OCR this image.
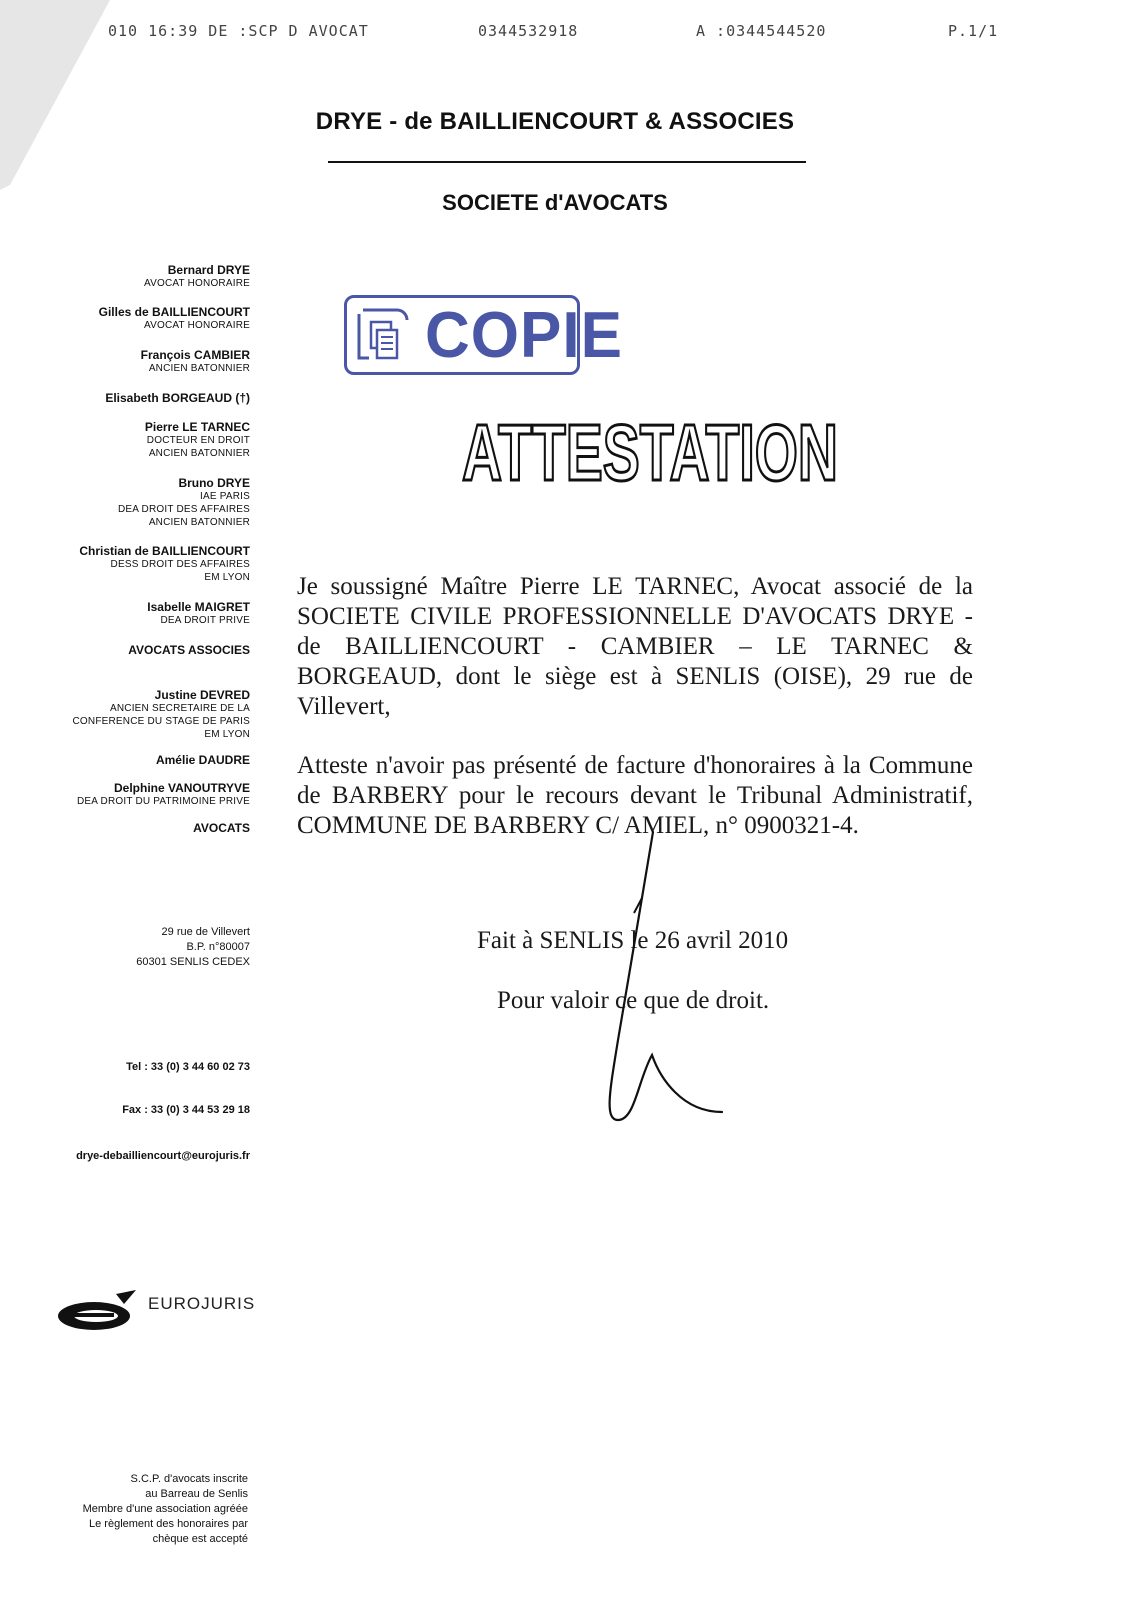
010 16:39 DE :SCP D AVOCAT	0344532918	A :0344544520	P.1/1
DRYE - de BAILLIENCOURT & ASSOCIES
SOCIETE d'AVOCATS
Bernard DRYE
AVOCAT HONORAIRE
Gilles de BAILLIENCOURT
AVOCAT HONORAIRE
François CAMBIER
ANCIEN BATONNIER
Elisabeth BORGEAUD (†)
Pierre LE TARNEC
DOCTEUR EN DROIT
ANCIEN BATONNIER
Bruno DRYE
IAE PARIS
DEA DROIT DES AFFAIRES
ANCIEN BATONNIER
Christian de BAILLIENCOURT
DESS DROIT DES AFFAIRES
EM LYON
Isabelle MAIGRET
DEA DROIT PRIVE
AVOCATS ASSOCIES
Justine DEVRED
ANCIEN SECRETAIRE DE LA
CONFERENCE DU STAGE DE PARIS
EM LYON
Amélie DAUDRE
Delphine VANOUTRYVE
DEA DROIT DU PATRIMOINE PRIVE
AVOCATS
29 rue de Villevert
B.P. n°80007
60301 SENLIS CEDEX
Tel : 33 (0) 3 44 60 02 73
Fax : 33 (0) 3 44 53 29 18
drye-debailliencourt@eurojuris.fr
EUROJURIS
S.C.P. d'avocats inscrite
au Barreau de Senlis
Membre d'une association agréée
Le règlement des honoraires par
chèque est accepté
COPIE
ATTESTATION
Je soussigné Maître Pierre LE TARNEC, Avocat associé de la SOCIETE CIVILE PROFESSIONNELLE D'AVOCATS DRYE - de BAILLIENCOURT - CAMBIER – LE TARNEC & BORGEAUD, dont le siège est à SENLIS (OISE), 29 rue de Villevert,
Atteste n'avoir pas présenté de facture d'honoraires à la Commune de BARBERY pour le recours devant le Tribunal Administratif, COMMUNE DE BARBERY C/ AMIEL, n° 0900321-4.
Fait à SENLIS le 26 avril 2010
Pour valoir ce que de droit.
